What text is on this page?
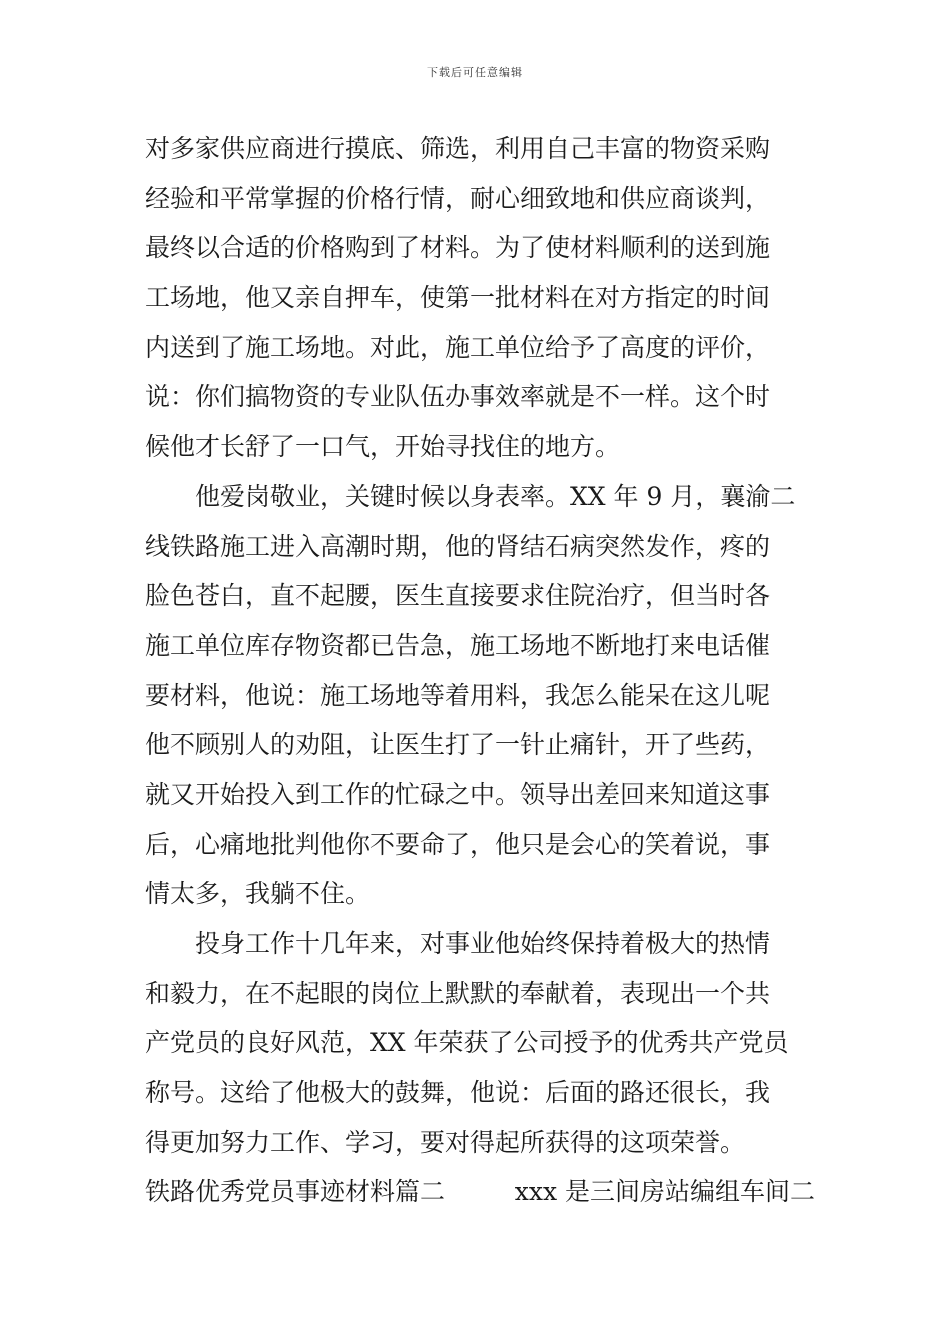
下载后可任意编辑
对多家供应商进行摸底、筛选，利用自己丰富的物资采购
经验和平常掌握的价格行情，耐心细致地和供应商谈判，
最终以合适的价格购到了材料。为了使材料顺利的送到施
工场地，他又亲自押车，使第一批材料在对方指定的时间
内送到了施工场地。对此，施工单位给予了高度的评价，
说：你们搞物资的专业队伍办事效率就是不一样。这个时
候他才长舒了一口气，开始寻找住的地方。
他爱岗敬业，关键时候以身表率。XX 年 9 月，襄渝二
线铁路施工进入高潮时期，他的肾结石病突然发作，疼的
脸色苍白，直不起腰，医生直接要求住院治疗，但当时各
施工单位库存物资都已告急，施工场地不断地打来电话催
要材料，他说：施工场地等着用料，我怎么能呆在这儿呢
他不顾别人的劝阻，让医生打了一针止痛针，开了些药，
就又开始投入到工作的忙碌之中。领导出差回来知道这事
后，心痛地批判他你不要命了，他只是会心的笑着说，事
情太多，我躺不住。
投身工作十几年来，对事业他始终保持着极大的热情
和毅力，在不起眼的岗位上默默的奉献着，表现出一个共
产党员的良好风范，XX 年荣获了公司授予的优秀共产党员
称号。这给了他极大的鼓舞，他说：后面的路还很长，我
得更加努力工作、学习，要对得起所获得的这项荣誉。
铁路优秀党员事迹材料篇二	xxx 是三间房站编组车间二
